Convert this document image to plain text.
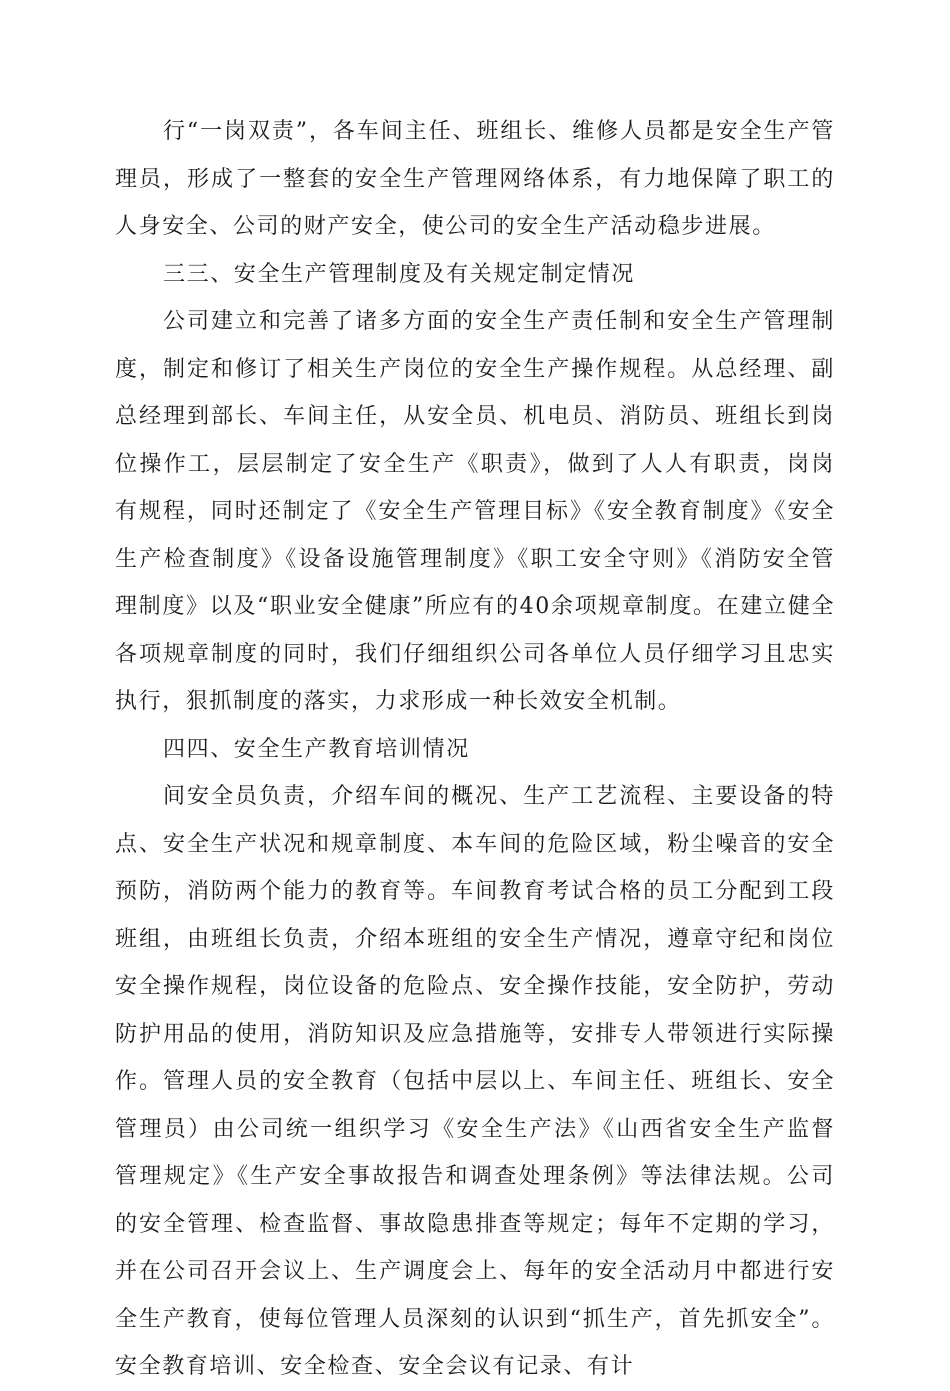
行“一岗双责”，各车间主任、班组长、维修人员都是安全生产管理员，形成了一整套的安全生产管理网络体系，有力地保障了职工的人身安全、公司的财产安全，使公司的安全生产活动稳步进展。

三三、安全生产管理制度及有关规定制定情况

公司建立和完善了诸多方面的安全生产责任制和安全生产管理制度，制定和修订了相关生产岗位的安全生产操作规程。从总经理、副总经理到部长、车间主任，从安全员、机电员、消防员、班组长到岗位操作工，层层制定了安全生产《职责》，做到了人人有职责，岗岗有规程，同时还制定了《安全生产管理目标》《安全教育制度》《安全生产检查制度》《设备设施管理制度》《职工安全守则》《消防安全管理制度》以及“职业安全健康”所应有的40余项规章制度。在建立健全各项规章制度的同时，我们仔细组织公司各单位人员仔细学习且忠实执行，狠抓制度的落实，力求形成一种长效安全机制。

四四、安全生产教育培训情况

间安全员负责，介绍车间的概况、生产工艺流程、主要设备的特点、安全生产状况和规章制度、本车间的危险区域，粉尘噪音的安全预防，消防两个能力的教育等。车间教育考试合格的员工分配到工段班组，由班组长负责，介绍本班组的安全生产情况，遵章守纪和岗位安全操作规程，岗位设备的危险点、安全操作技能，安全防护，劳动防护用品的使用，消防知识及应急措施等，安排专人带领进行实际操作。管理人员的安全教育（包括中层以上、车间主任、班组长、安全管理员）由公司统一组织学习《安全生产法》《山西省安全生产监督管理规定》《生产安全事故报告和调查处理条例》等法律法规。公司的安全管理、检查监督、事故隐患排查等规定；每年不定期的学习，并在公司召开会议上、生产调度会上、每年的安全活动月中都进行安全生产教育，使每位管理人员深刻的认识到“抓生产，首先抓安全”。安全教育培训、安全检查、安全会议有记录、有计
